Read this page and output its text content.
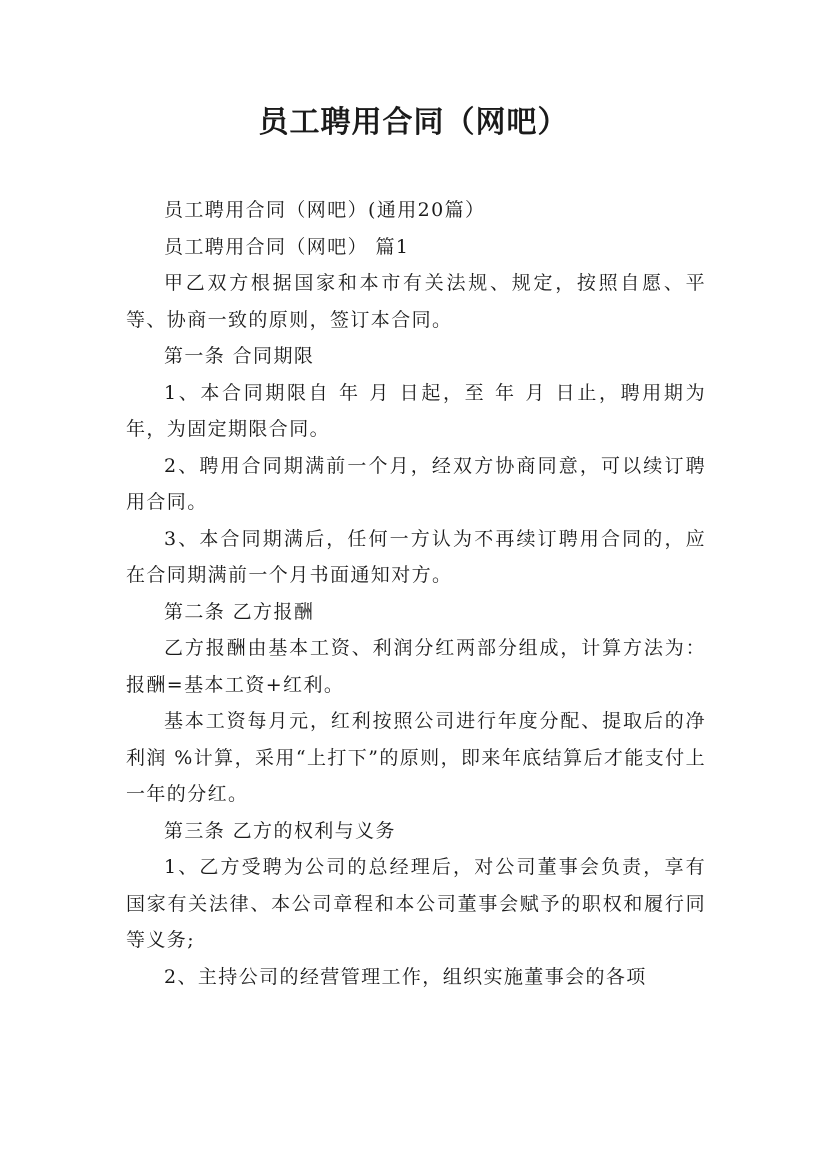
员工聘用合同（网吧）

员工聘用合同（网吧）(通用20篇）

员工聘用合同（网吧） 篇1

甲乙双方根据国家和本市有关法规、规定，按照自愿、平等、协商一致的原则，签订本合同。

第一条 合同期限

1、本合同期限自 年 月 日起，至 年 月 日止，聘用期为 年，为固定期限合同。

2、聘用合同期满前一个月，经双方协商同意，可以续订聘用合同。

3、本合同期满后，任何一方认为不再续订聘用合同的，应在合同期满前一个月书面通知对方。

第二条 乙方报酬

乙方报酬由基本工资、利润分红两部分组成，计算方法为：报酬=基本工资+红利。

基本工资每月元，红利按照公司进行年度分配、提取后的净利润 %计算，采用“上打下”的原则，即来年底结算后才能支付上一年的分红。

第三条 乙方的权利与义务

1、乙方受聘为公司的总经理后，对公司董事会负责，享有国家有关法律、本公司章程和本公司董事会赋予的职权和履行同等义务;

2、主持公司的经营管理工作，组织实施董事会的各项
